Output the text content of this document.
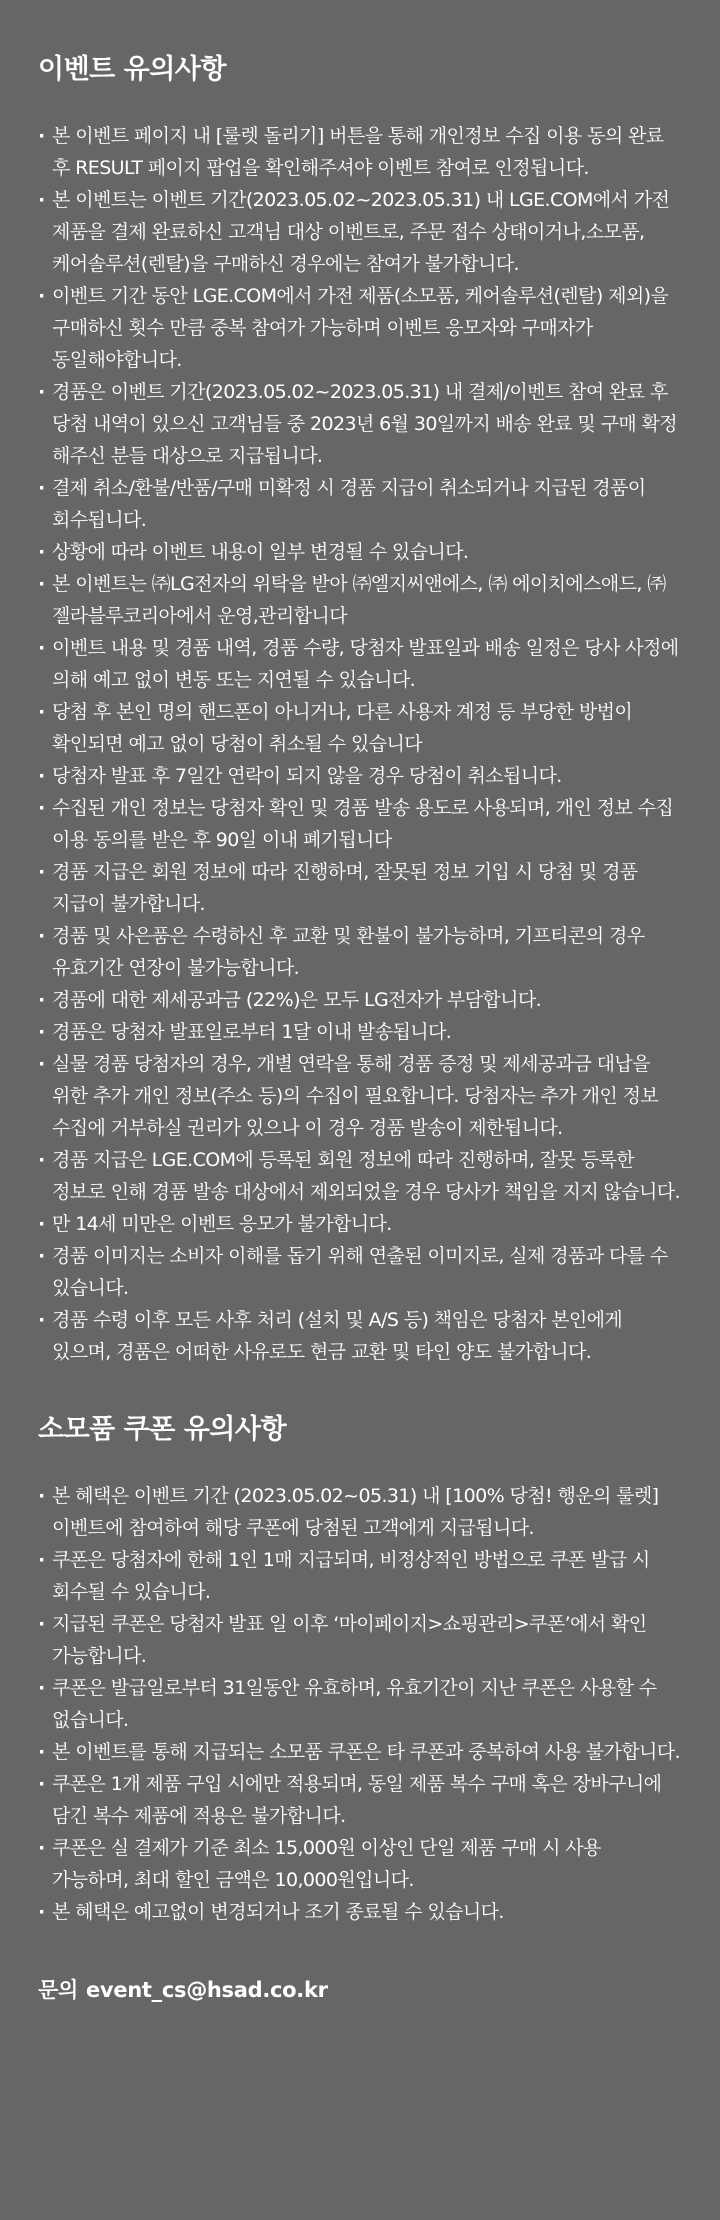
이벤트 유의사항
· 본 이벤트 페이지 내 [룰렛 돌리기] 버튼을 통해 개인정보 수집 이용 동의 완료 후 RESULT 페이지 팝업을 확인해주셔야 이벤트 참여로 인정됩니다.
· 본 이벤트는 이벤트 기간(2023.05.02~2023.05.31) 내 LGE.COM에서 가전 제품을 결제 완료하신 고객님 대상 이벤트로, 주문 접수 상태이거나,소모품, 케어솔루션(렌탈)을 구매하신 경우에는 참여가 불가합니다.
· 이벤트 기간 동안 LGE.COM에서 가전 제품(소모품, 케어솔루션(렌탈) 제외)을 구매하신 횟수 만큼 중복 참여가 가능하며 이벤트 응모자와 구매자가 동일해야합니다.
· 경품은 이벤트 기간(2023.05.02~2023.05.31) 내 결제/이벤트 참여 완료 후 당첨 내역이 있으신 고객님들 중 2023년 6월 30일까지 배송 완료 및 구매 확정 해주신 분들 대상으로 지급됩니다.
· 결제 취소/환불/반품/구매 미확정 시 경품 지급이 취소되거나 지급된 경품이 회수됩니다.
· 상황에 따라 이벤트 내용이 일부 변경될 수 있습니다.
· 본 이벤트는 ㈜LG전자의 위탁을 받아 ㈜엘지씨앤에스, ㈜ 에이치에스애드, ㈜젤라블루코리아에서 운영,관리합니다
· 이벤트 내용 및 경품 내역, 경품 수량, 당첨자 발표일과 배송 일정은 당사 사정에 의해 예고 없이 변동 또는 지연될 수 있습니다.
· 당첨 후 본인 명의 핸드폰이 아니거나, 다른 사용자 계정 등 부당한 방법이 확인되면 예고 없이 당첨이 취소될 수 있습니다
· 당첨자 발표 후 7일간 연락이 되지 않을 경우 당첨이 취소됩니다.
· 수집된 개인 정보는 당첨자 확인 및 경품 발송 용도로 사용되며, 개인 정보 수집 이용 동의를 받은 후 90일 이내 폐기됩니다
· 경품 지급은 회원 정보에 따라 진행하며, 잘못된 정보 기입 시 당첨 및 경품 지급이 불가합니다.
· 경품 및 사은품은 수령하신 후 교환 및 환불이 불가능하며, 기프티콘의 경우 유효기간 연장이 불가능합니다.
· 경품에 대한 제세공과금 (22%)은 모두 LG전자가 부담합니다.
· 경품은 당첨자 발표일로부터 1달 이내 발송됩니다.
· 실물 경품 당첨자의 경우, 개별 연락을 통해 경품 증정 및 제세공과금 대납을 위한 추가 개인 정보(주소 등)의 수집이 필요합니다. 당첨자는 추가 개인 정보 수집에 거부하실 권리가 있으나 이 경우 경품 발송이 제한됩니다.
· 경품 지급은 LGE.COM에 등록된 회원 정보에 따라 진행하며, 잘못 등록한 정보로 인해 경품 발송 대상에서 제외되었을 경우 당사가 책임을 지지 않습니다.
· 만 14세 미만은 이벤트 응모가 불가합니다.
· 경품 이미지는 소비자 이해를 돕기 위해 연출된 이미지로, 실제 경품과 다를 수 있습니다.
· 경품 수령 이후 모든 사후 처리 (설치 및 A/S 등) 책임은 당첨자 본인에게 있으며, 경품은 어떠한 사유로도 현금 교환 및 타인 양도 불가합니다.
소모품 쿠폰 유의사항
· 본 혜택은 이벤트 기간 (2023.05.02~05.31) 내 [100% 당첨! 행운의 룰렛] 이벤트에 참여하여 해당 쿠폰에 당첨된 고객에게 지급됩니다.
· 쿠폰은 당첨자에 한해 1인 1매 지급되며, 비정상적인 방법으로 쿠폰 발급 시 회수될 수 있습니다.
· 지급된 쿠폰은 당첨자 발표 일 이후 ‘마이페이지>쇼핑관리>쿠폰’에서 확인 가능합니다.
· 쿠폰은 발급일로부터 31일동안 유효하며, 유효기간이 지난 쿠폰은 사용할 수 없습니다.
· 본 이벤트를 통해 지급되는 소모품 쿠폰은 타 쿠폰과 중복하여 사용 불가합니다.
· 쿠폰은 1개 제품 구입 시에만 적용되며, 동일 제품 복수 구매 혹은 장바구니에 담긴 복수 제품에 적용은 불가합니다.
· 쿠폰은 실 결제가 기준 최소 15,000원 이상인 단일 제품 구매 시 사용 가능하며, 최대 할인 금액은 10,000원입니다.
· 본 혜택은 예고없이 변경되거나 조기 종료될 수 있습니다.
문의 event_cs@hsad.co.kr
